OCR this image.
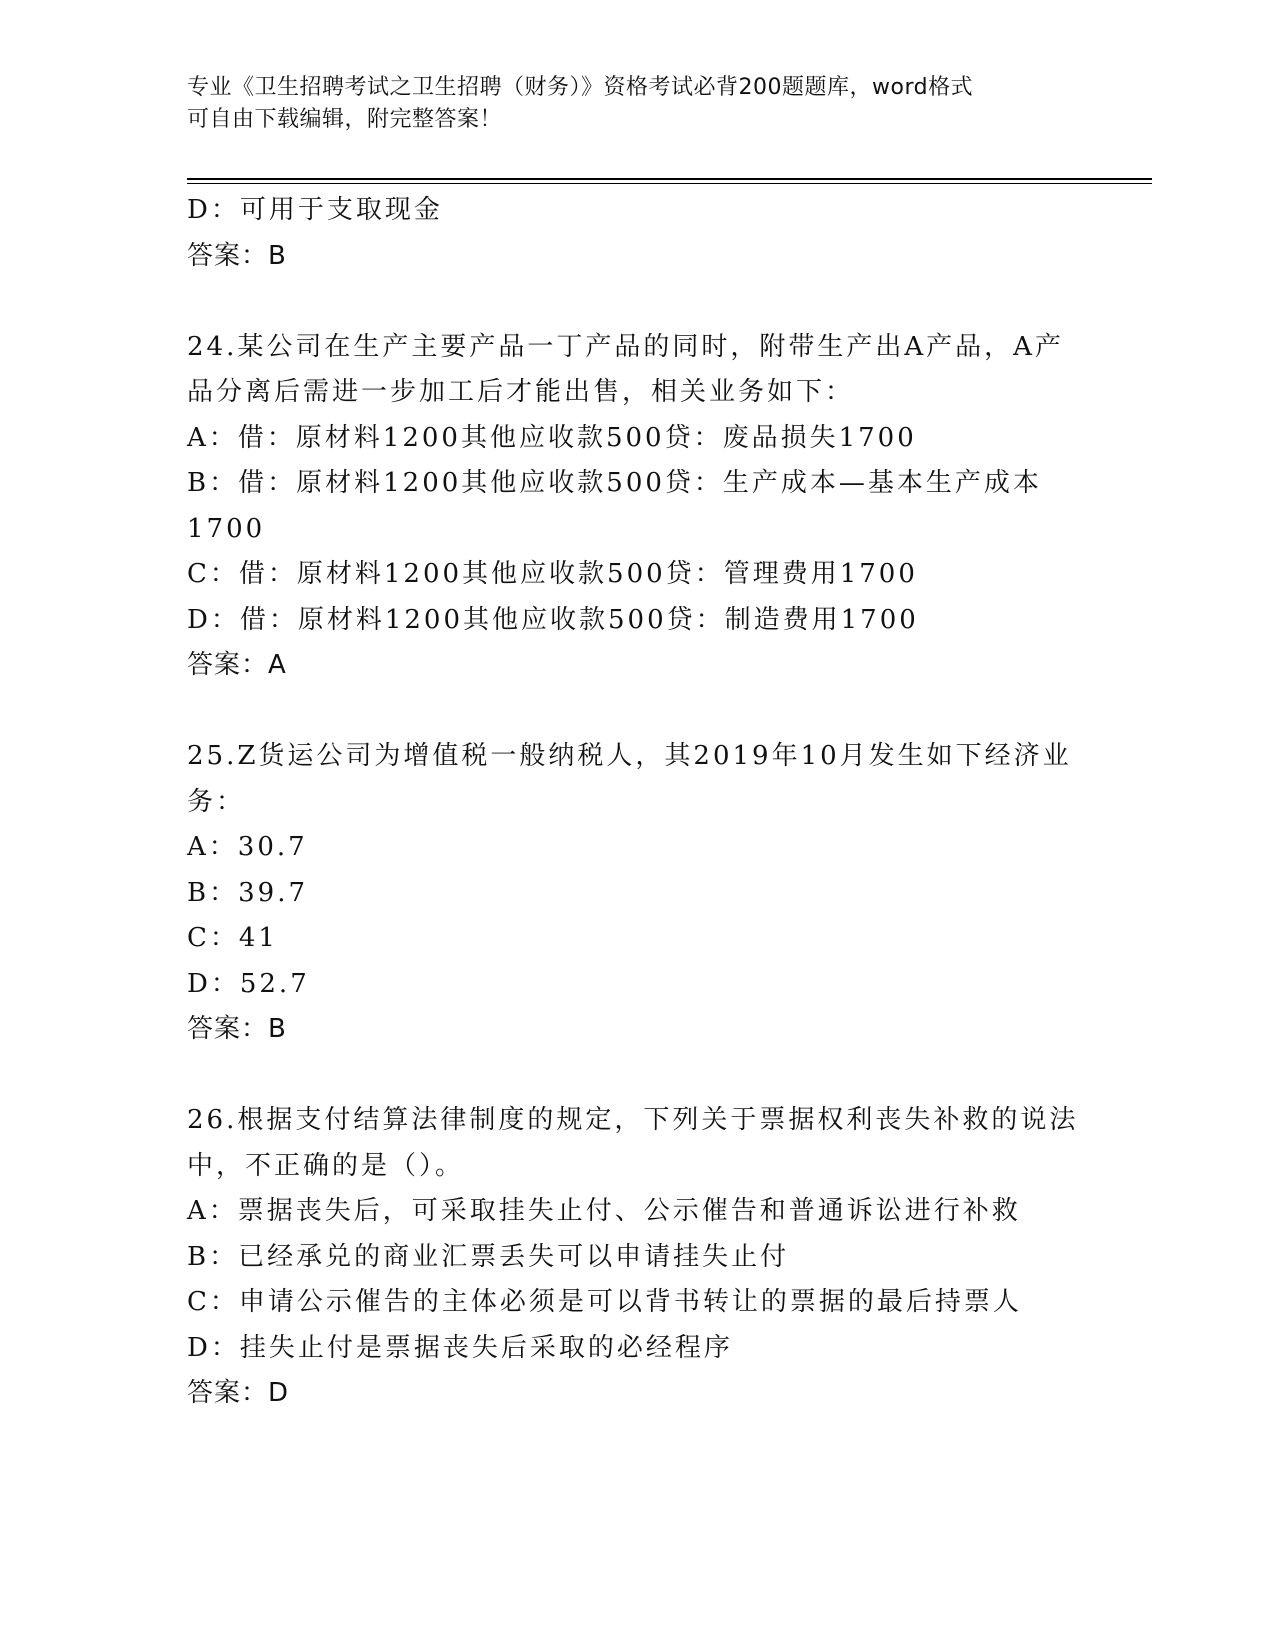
专业《卫生招聘考试之卫生招聘（财务）》资格考试必背200题题库，word格式
可自由下载编辑，附完整答案！

D：可用于支取现金

答案：B

24.某公司在生产主要产品一丁产品的同时，附带生产出A产品，A产品分离后需进一步加工后才能出售，相关业务如下：

A：借：原材料1200其他应收款500贷：废品损失1700

B：借：原材料1200其他应收款500贷：生产成本—基本生产成本1700

C：借：原材料1200其他应收款500贷：管理费用1700

D：借：原材料1200其他应收款500贷：制造费用1700

答案：A

25.Z货运公司为增值税一般纳税人，其2019年10月发生如下经济业务：

A：30.7

B：39.7

C：41

D：52.7

答案：B

26.根据支付结算法律制度的规定，下列关于票据权利丧失补救的说法中，不正确的是（）。

A：票据丧失后，可采取挂失止付、公示催告和普通诉讼进行补救

B：已经承兑的商业汇票丢失可以申请挂失止付

C：申请公示催告的主体必须是可以背书转让的票据的最后持票人

D：挂失止付是票据丧失后采取的必经程序

答案：D
